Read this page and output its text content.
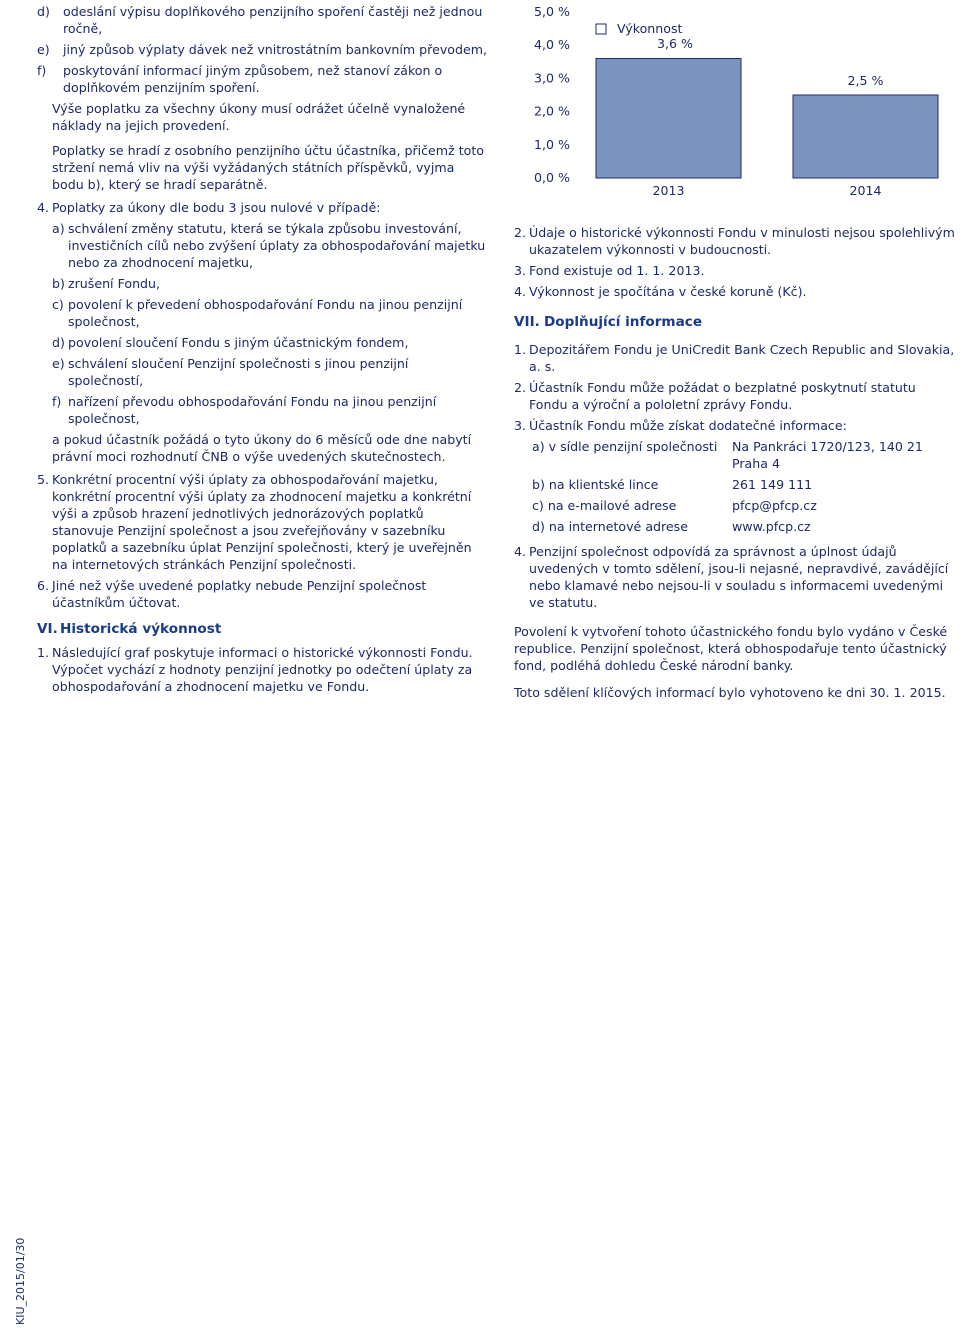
d)	odeslání výpisu doplňkového penzijního spoření častěji než jednou ročně,
e)	jiný způsob výplaty dávek než vnitrostátním bankovním převodem,
f)	poskytování informací jiným způsobem, než stanoví zákon o doplňkovém penzijním spoření.

Výše poplatku za všechny úkony musí odrážet účelně vynaložené náklady na jejich provedení.

Poplatky se hradí z osobního penzijního účtu účastníka, přičemž toto stržení nemá vliv na výši vyžádaných státních příspěvků, vyjma bodu b), který se hradí separátně.

4. Poplatky za úkony dle bodu 3 jsou nulové v případě:
a) schválení změny statutu, která se týkala způsobu investování, investičních cílů nebo zvýšení úplaty za obhospodařování majetku nebo za zhodnocení majetku,
b) zrušení Fondu,
c) povolení k převedení obhospodařování Fondu na jinou penzijní společnost,
d) povolení sloučení Fondu s jiným účastnickým fondem,
e) schválení sloučení Penzijní společnosti s jinou penzijní společností,
f) nařízení převodu obhospodařování Fondu na jinou penzijní společnost,

a pokud účastník požádá o tyto úkony do 6 měsíců ode dne nabytí právní moci rozhodnutí ČNB o výše uvedených skutečnostech.

5. Konkrétní procentní výši úplaty za obhospodařování majetku, konkrétní procentní výši úplaty za zhodnocení majetku a konkrétní výši a způsob hrazení jednotlivých jednorázových poplatků stanovuje Penzijní společnost a jsou zveřejňovány v sazebníku poplatků a sazebníku úplat Penzijní společnosti, který je uveřejněn na internetových stránkách Penzijní společnosti.
6. Jiné než výše uvedené poplatky nebude Penzijní společnost účastníkům účtovat.
VI. Historická výkonnost
1. Následující graf poskytuje informaci o historické výkonnosti Fondu. Výpočet vychází z hodnoty penzijní jednotky po odečtení úplaty za obhospodařování a zhodnocení majetku ve Fondu.
0,0 %
1,0 %
2,0 %
3,0 %
4,0 %
5,0 %
2013	2014
2,5 %
Výkonnost
3,6 %
2. Údaje o historické výkonnosti Fondu v minulosti nejsou spolehlivým ukazatelem výkonnosti v budoucnosti.
3. Fond existuje od 1. 1. 2013.
4. Výkonnost je spočítána v české koruně (Kč).
VII. Doplňující informace
1. Depozitářem Fondu je UniCredit Bank Czech Republic and Slovakia, a. s.
2. Účastník Fondu může požádat o bezplatné poskytnutí statutu Fondu a výroční a pololetní zprávy Fondu.
3. Účastník Fondu může získat dodatečné informace:
a) v sídle penzijní společnosti	Na Pankráci 1720/123, 140 21 Praha 4
b) na klientské lince	261 149 111
c) na e-mailové adrese	pfcp@pfcp.cz
d) na internetové adrese	www.pfcp.cz
4. Penzijní společnost odpovídá za správnost a úplnost údajů uvedených v tomto sdělení, jsou-li nejasné, nepravdivé, zavádějící nebo klamavé nebo nejsou-li v souladu s informacemi uvedenými ve statutu.

Povolení k vytvoření tohoto účastnického fondu bylo vydáno v České republice. Penzijní společnost, která obhospodařuje tento účastnický fond, podléhá dohledu České národní banky.

Toto sdělení klíčových informací bylo vyhotoveno ke dni 30. 1. 2015.

KIU_2015/01/30
